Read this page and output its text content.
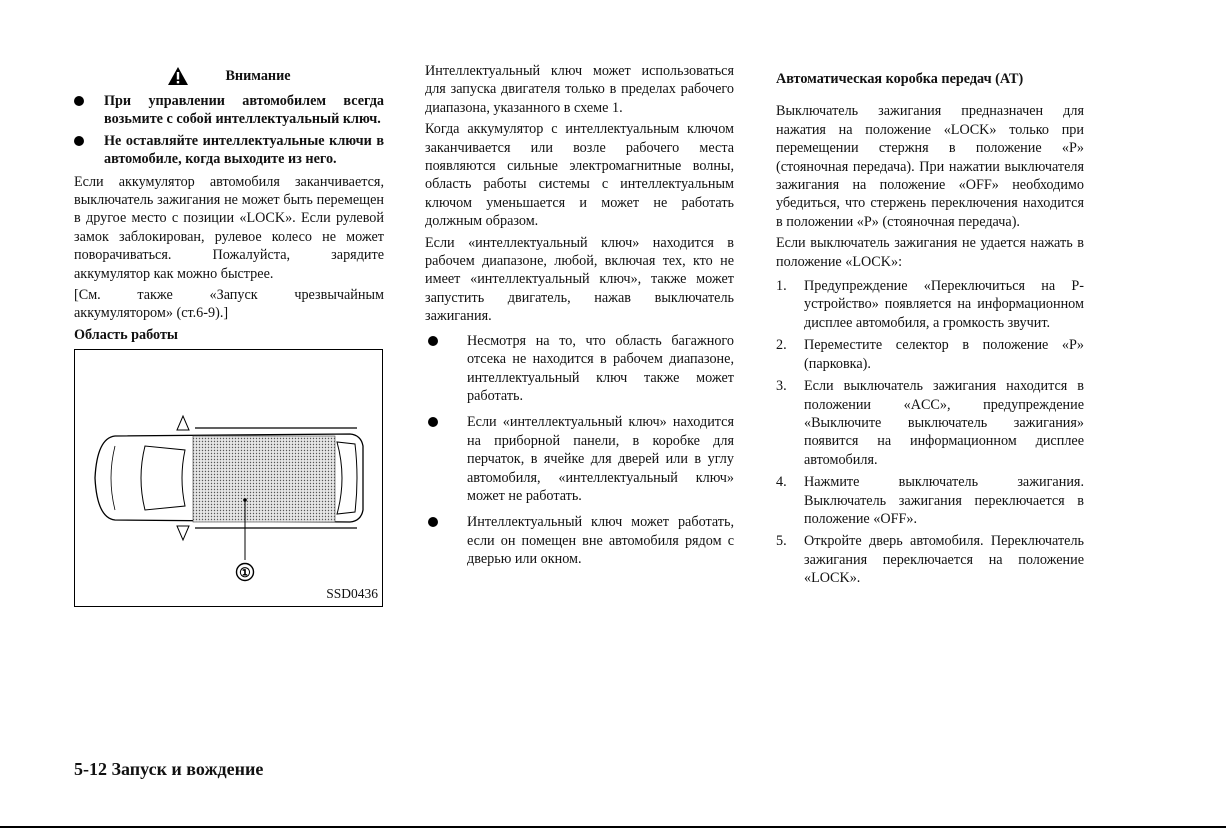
Внимание
При управлении автомобилем всегда возьмите с собой интеллектуальный ключ.
Не оставляйте интеллектуальные ключи в автомобиле, когда выходите из него.

Если аккумулятор автомобиля заканчивается, выключатель зажигания не может быть перемещен в другое место с позиции «LOCK». Если рулевой замок заблокирован, рулевое колесо не может поворачиваться. Пожалуйста, зарядите аккумулятор как можно быстрее.

[См. также «Запуск чрезвычайным аккумулятором» (ст.6-9).]

Область работы
①
SSD0436

Интеллектуальный ключ может использоваться для запуска двигателя только в пределах рабочего диапазона, указанного в схеме 1.

Когда аккумулятор с интеллектуальным ключом заканчивается или возле рабочего места появляются сильные электромагнитные волны, область работы системы с интеллектуальным ключом уменьшается и может не работать должным образом.

Если «интеллектуальный ключ» находится в рабочем диапазоне, любой, включая тех, кто не имеет «интеллектуальный ключ», также может запустить двигатель, нажав выключатель зажигания.

Несмотря на то, что область багажного отсека не находится в рабочем диапазоне, интеллектуальный ключ также может работать.
Если «интеллектуальный ключ» находится на приборной панели, в коробке для перчаток, в ячейке для дверей или в углу автомобиля, «интеллектуальный ключ» может не работать.
Интеллектуальный ключ может работать, если он помещен вне автомобиля рядом с дверью или окном.
Автоматическая коробка передач (AT)

Выключатель зажигания предназначен для нажатия на положение «LOCK» только при перемещении стержня в положение «P» (стояночная передача). При нажатии выключателя зажигания на положение «OFF» необходимо убедиться, что стержень переключения находится в положении «P» (стояночная передача).

Если выключатель зажигания не удается нажать в положение «LOCK»:

1. Предупреждение «Переключиться на P-устройство» появляется на информационном дисплее автомобиля, а громкость звучит.
2. Переместите селектор в положение «P» (парковка).
3. Если выключатель зажигания находится в положении «ACC», предупреждение «Выключите выключатель зажигания» появится на информационном дисплее автомобиля.
4. Нажмите выключатель зажигания. Выключатель зажигания переключается в положение «OFF».
5. Откройте дверь автомобиля. Переключатель зажигания переключается на положение «LOCK».
5-12 Запуск и вождение
